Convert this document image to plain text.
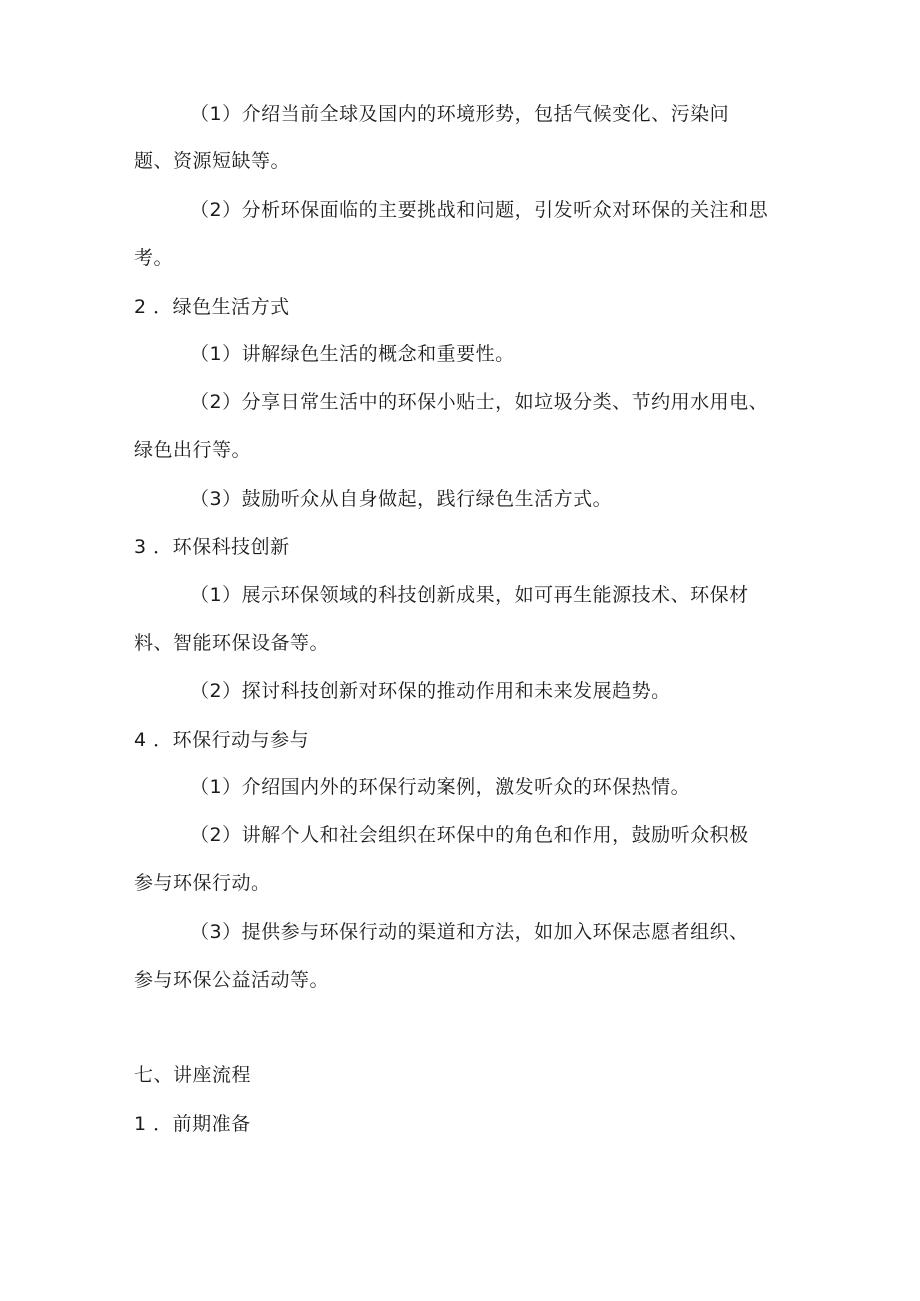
（1）介绍当前全球及国内的环境形势，包括气候变化、污染问
题、资源短缺等。
（2）分析环保面临的主要挑战和问题，引发听众对环保的关注和思
考。
2 ．绿色生活方式
（1）讲解绿色生活的概念和重要性。
（2）分享日常生活中的环保小贴士，如垃圾分类、节约用水用电、
绿色出行等。
（3）鼓励听众从自身做起，践行绿色生活方式。
3 ．环保科技创新
（1）展示环保领域的科技创新成果，如可再生能源技术、环保材
料、智能环保设备等。
（2）探讨科技创新对环保的推动作用和未来发展趋势。
4 ．环保行动与参与
（1）介绍国内外的环保行动案例，激发听众的环保热情。
（2）讲解个人和社会组织在环保中的角色和作用，鼓励听众积极
参与环保行动。
（3）提供参与环保行动的渠道和方法，如加入环保志愿者组织、
参与环保公益活动等。
七、讲座流程
1 ．前期准备
